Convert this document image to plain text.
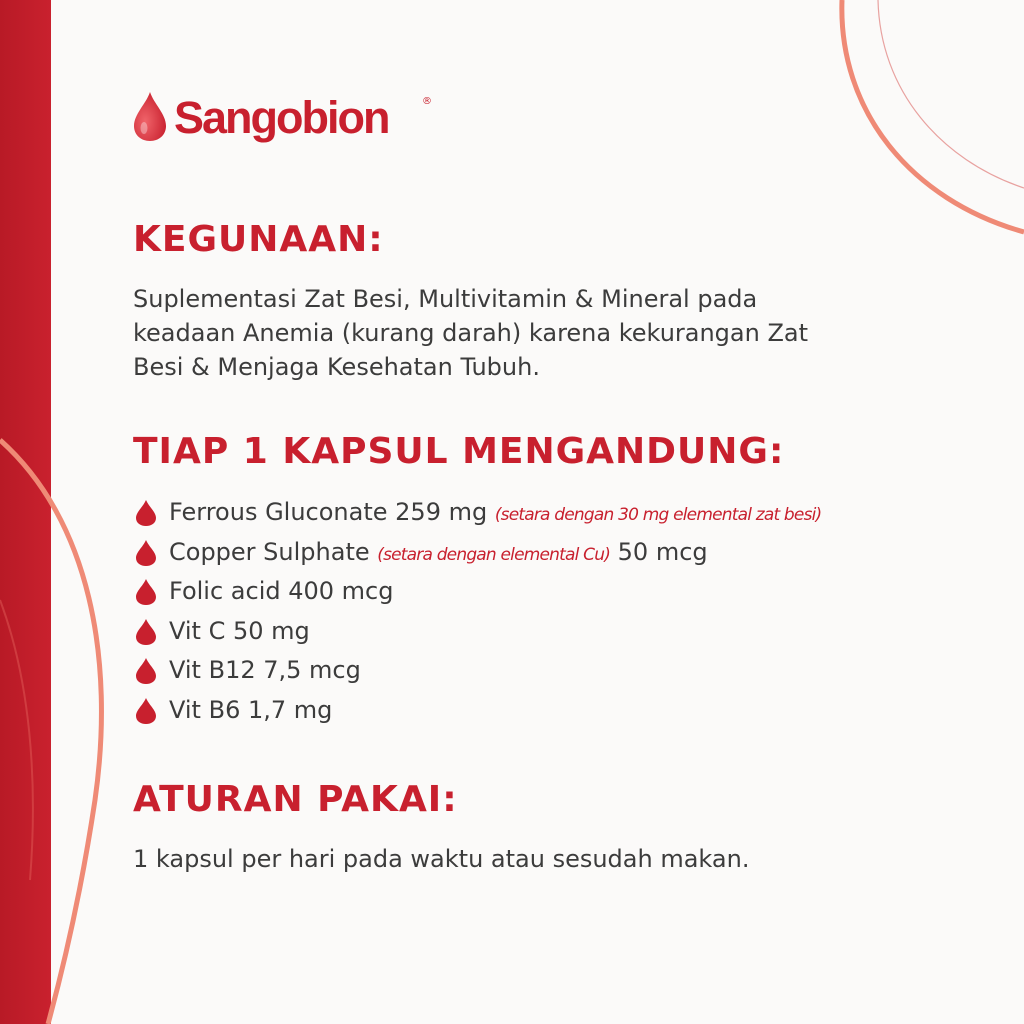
Sangobion	®
KEGUNAAN:

Suplementasi Zat Besi, Multivitamin & Mineral pada
keadaan Anemia (kurang darah) karena kekurangan Zat
Besi & Menjaga Kesehatan Tubuh.

TIAP 1 KAPSUL MENGANDUNG:
Ferrous Gluconate 259 mg (setara dengan 30 mg elemental zat besi)
Copper Sulphate (setara dengan elemental Cu) 50 mcg
Folic acid 400 mcg
Vit C 50 mg
Vit B12 7,5 mcg
Vit B6 1,7 mg
ATURAN PAKAI:

1 kapsul per hari pada waktu atau sesudah makan.
